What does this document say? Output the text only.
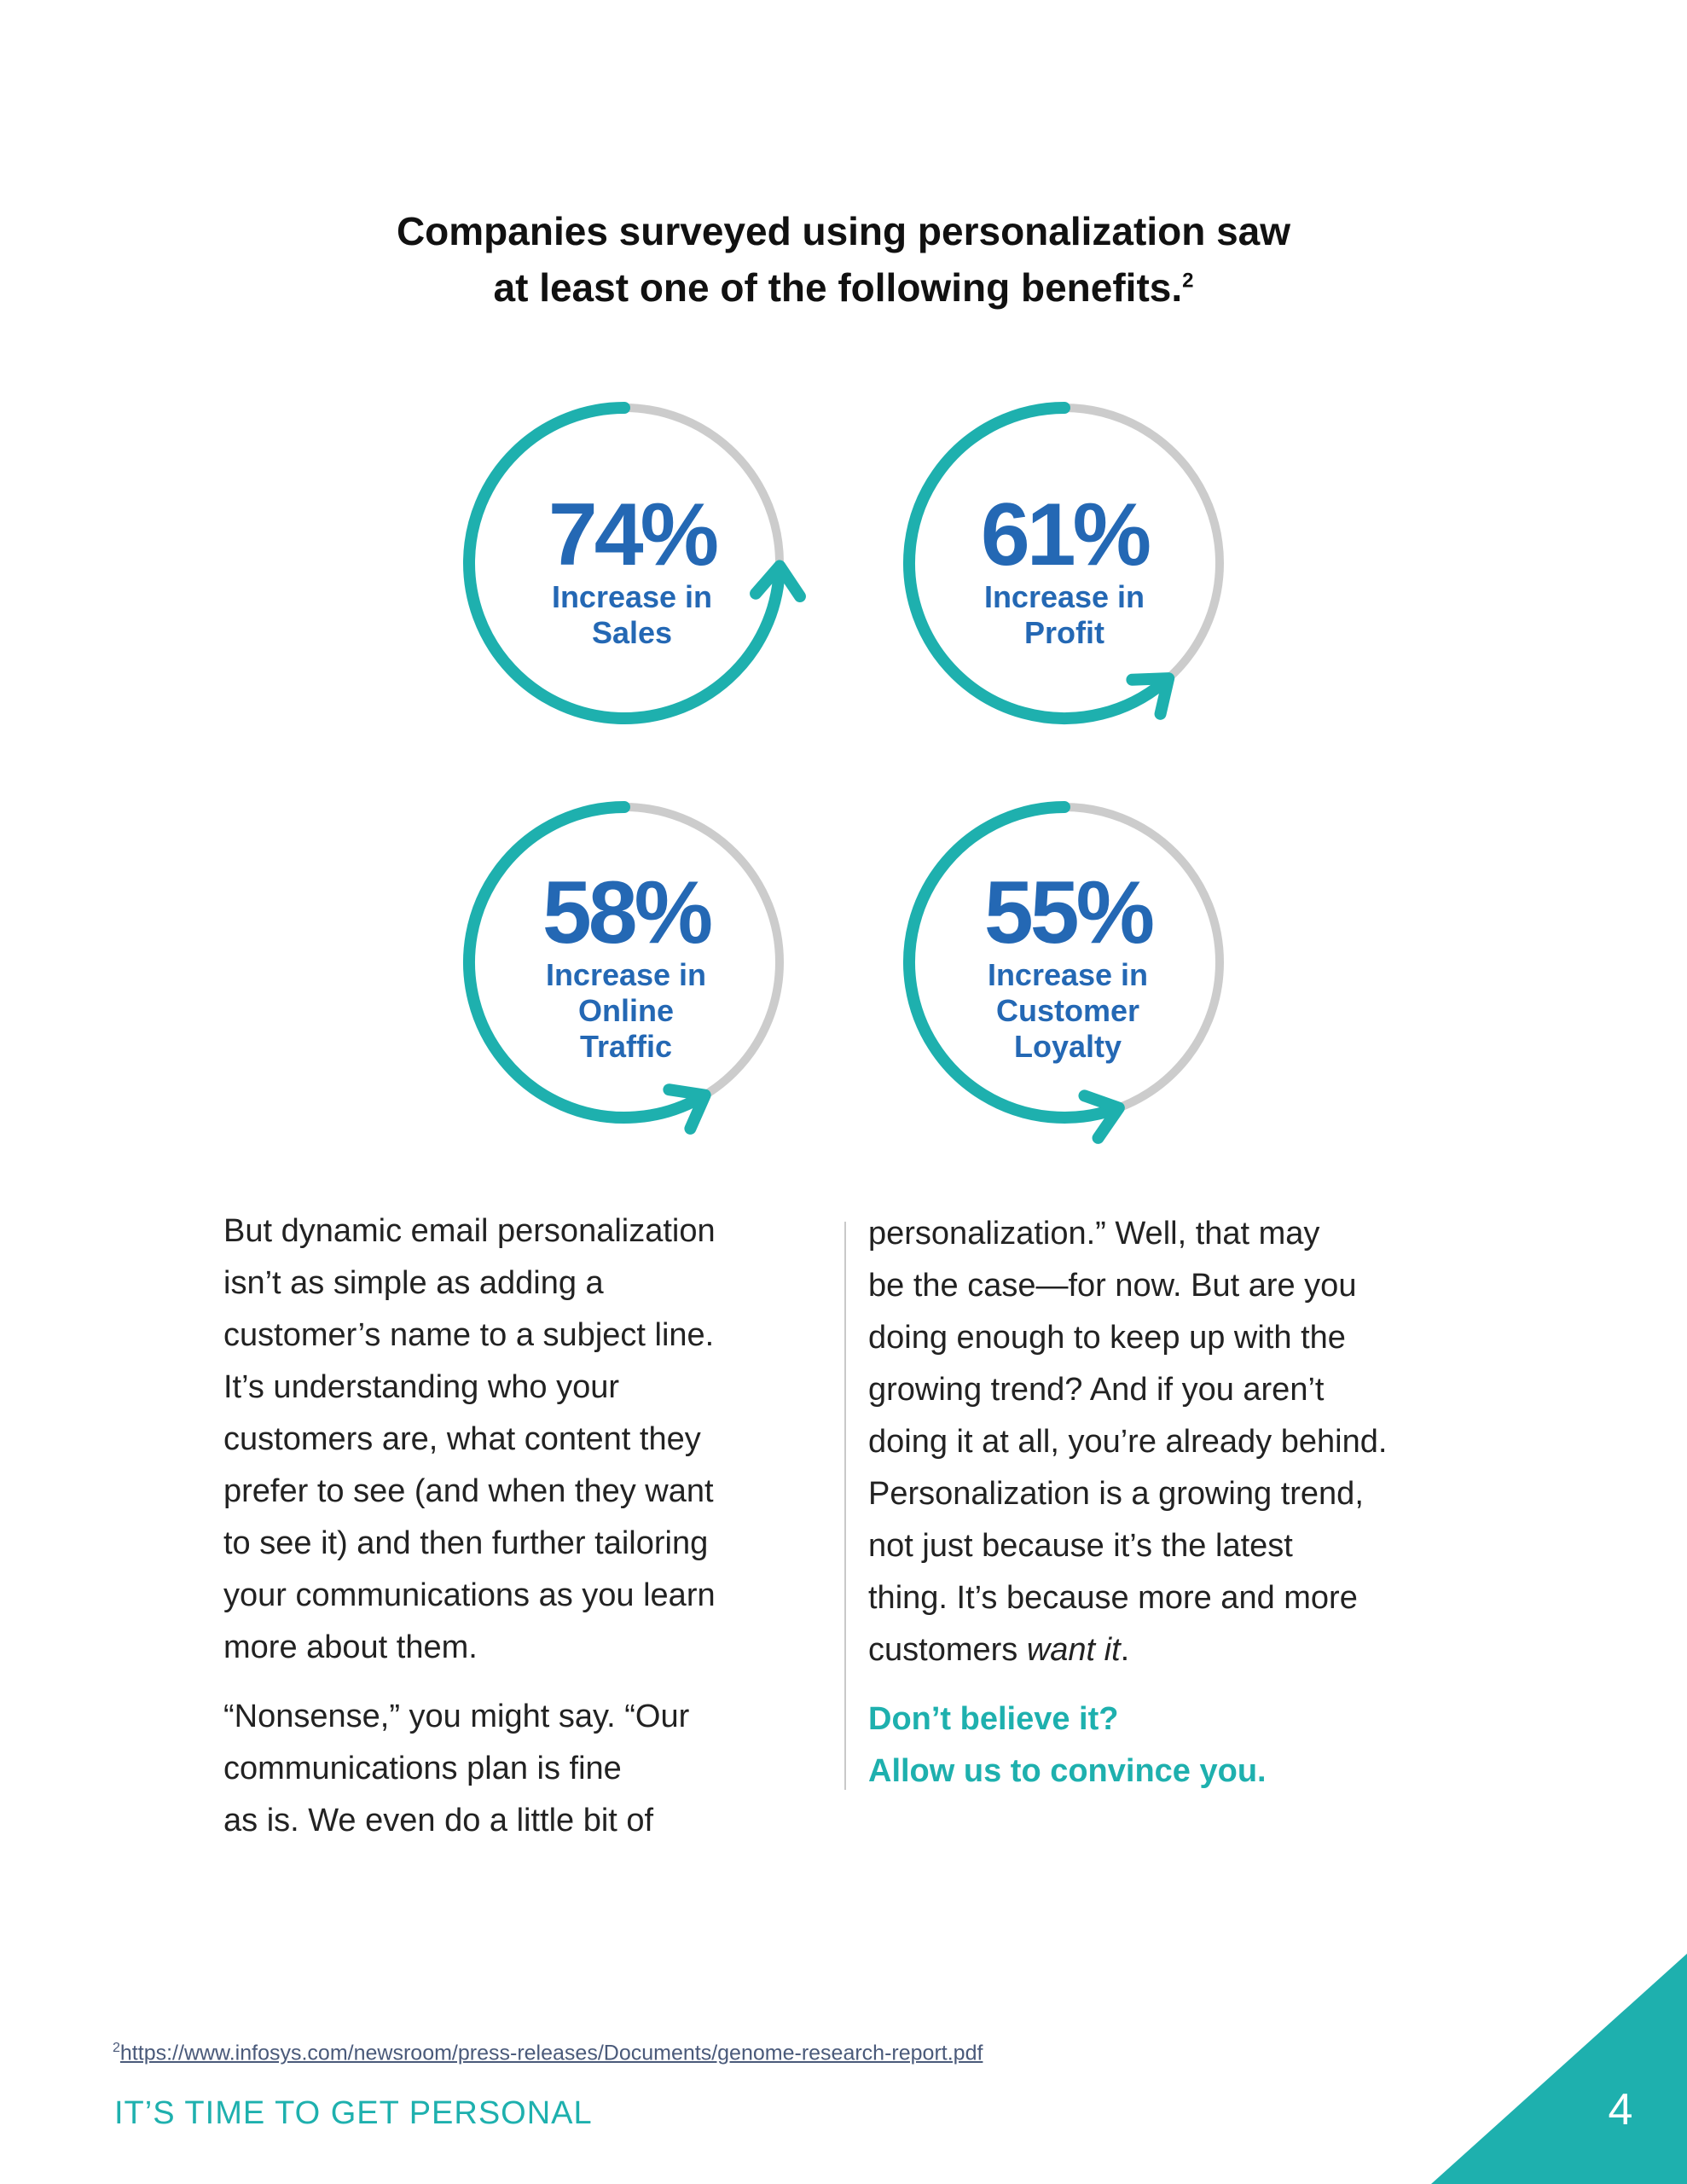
Companies surveyed using personalization saw
at least one of the following benefits.$^2$
74%
Increase in
Sales
61%
Increase in
Profit
58%
Increase in
Online
Traffic
55%
Increase in
Customer
Loyalty

But dynamic email personalization
isn’t as simple as adding a
customer’s name to a subject line.
It’s understanding who your
customers are, what content they
prefer to see (and when they want
to see it) and then further tailoring
your communications as you learn
more about them.

“Nonsense,” you might say. “Our
communications plan is fine
as is. We even do a little bit of

personalization.” Well, that may
be the case—for now. But are you
doing enough to keep up with the
growing trend? And if you aren’t
doing it at all, you’re already behind.
Personalization is a growing trend,
not just because it’s the latest
thing. It’s because more and more
customers want it.

Don’t believe it?
Allow us to convince you.

$^2$https://www.infosys.com/newsroom/press-releases/Documents/genome-research-report.pdf
IT’S TIME TO GET PERSONAL	4
